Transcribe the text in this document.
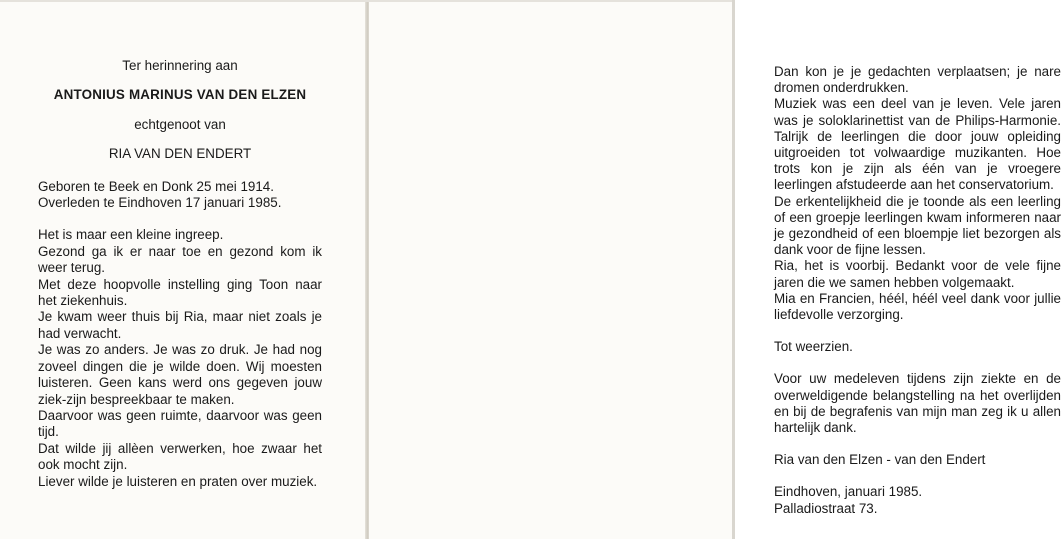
Ter herinnering aan
ANTONIUS MARINUS VAN DEN ELZEN
echtgenoot van
RIA VAN DEN ENDERT
Geboren te Beek en Donk 25 mei 1914.
Overleden te Eindhoven 17 januari 1985.

Het is maar een kleine ingreep.

Gezond ga ik er naar toe en gezond kom ik weer terug.

Met deze hoopvolle instelling ging Toon naar het ziekenhuis.

Je kwam weer thuis bij Ria, maar niet zoals je had verwacht.

Je was zo anders. Je was zo druk. Je had nog zoveel dingen die je wilde doen. Wij moesten luisteren. Geen kans werd ons gegeven jouw ziek-zijn bespreekbaar te maken.

Daarvoor was geen ruimte, daarvoor was geen tijd.

Dat wilde jij allèen verwerken, hoe zwaar het ook mocht zijn.

Liever wilde je luisteren en praten over muziek.

Dan kon je je gedachten verplaatsen; je nare dromen onderdrukken.

Muziek was een deel van je leven. Vele jaren was je soloklarinettist van de Philips-Harmonie. Talrijk de leerlingen die door jouw opleiding uitgroeiden tot volwaardige muzikanten. Hoe trots kon je zijn als één van je vroegere leerlingen afstudeerde aan het conservatorium.

De erkentelijkheid die je toonde als een leerling of een groepje leerlingen kwam informeren naar je gezondheid of een bloempje liet bezorgen als dank voor de fijne lessen.

Ria, het is voorbij. Bedankt voor de vele fijne jaren die we samen hebben volgemaakt.

Mia en Francien, héél, héél veel dank voor jullie liefdevolle verzorging.

Tot weerzien.

Voor uw medeleven tijdens zijn ziekte en de overweldigende belangstelling na het overlijden en bij de begrafenis van mijn man zeg ik u allen hartelijk dank.

Ria van den Elzen - van den Endert

Eindhoven, januari 1985.

Palladiostraat 73.
